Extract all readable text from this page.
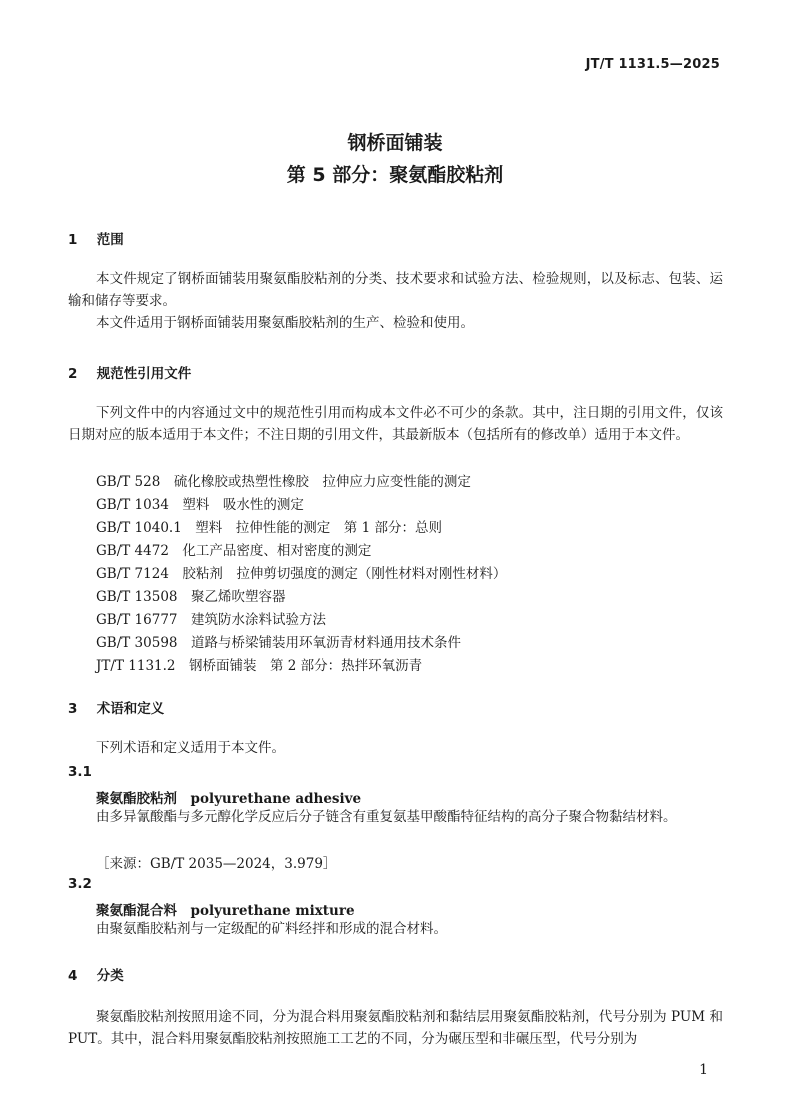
JT/T 1131.5—2025
钢桥面铺装
第 5 部分：聚氨酯胶粘剂
1 范围
本文件规定了钢桥面铺装用聚氨酯胶粘剂的分类、技术要求和试验方法、检验规则，以及标志、包装、运输和储存等要求。
本文件适用于钢桥面铺装用聚氨酯胶粘剂的生产、检验和使用。
2 规范性引用文件
下列文件中的内容通过文中的规范性引用而构成本文件必不可少的条款。其中，注日期的引用文件，仅该日期对应的版本适用于本文件；不注日期的引用文件，其最新版本（包括所有的修改单）适用于本文件。
GB/T 528　硫化橡胶或热塑性橡胶　拉伸应力应变性能的测定
GB/T 1034　塑料　吸水性的测定
GB/T 1040.1　塑料　拉伸性能的测定　第 1 部分：总则
GB/T 4472　化工产品密度、相对密度的测定
GB/T 7124　胶粘剂　拉伸剪切强度的测定（刚性材料对刚性材料）
GB/T 13508　聚乙烯吹塑容器
GB/T 16777　建筑防水涂料试验方法
GB/T 30598　道路与桥梁铺装用环氧沥青材料通用技术条件
JT/T 1131.2　钢桥面铺装　第 2 部分：热拌环氧沥青
3 术语和定义
下列术语和定义适用于本文件。
3.1
聚氨酯胶粘剂　polyurethane adhesive
由多异氰酸酯与多元醇化学反应后分子链含有重复氨基甲酸酯特征结构的高分子聚合物黏结材料。
［来源：GB/T 2035—2024，3.979］
3.2
聚氨酯混合料　polyurethane mixture
由聚氨酯胶粘剂与一定级配的矿料经拌和形成的混合材料。
4 分类
聚氨酯胶粘剂按照用途不同，分为混合料用聚氨酯胶粘剂和黏结层用聚氨酯胶粘剂，代号分别为 PUM 和 PUT。其中，混合料用聚氨酯胶粘剂按照施工工艺的不同，分为碾压型和非碾压型，代号分别为
1
